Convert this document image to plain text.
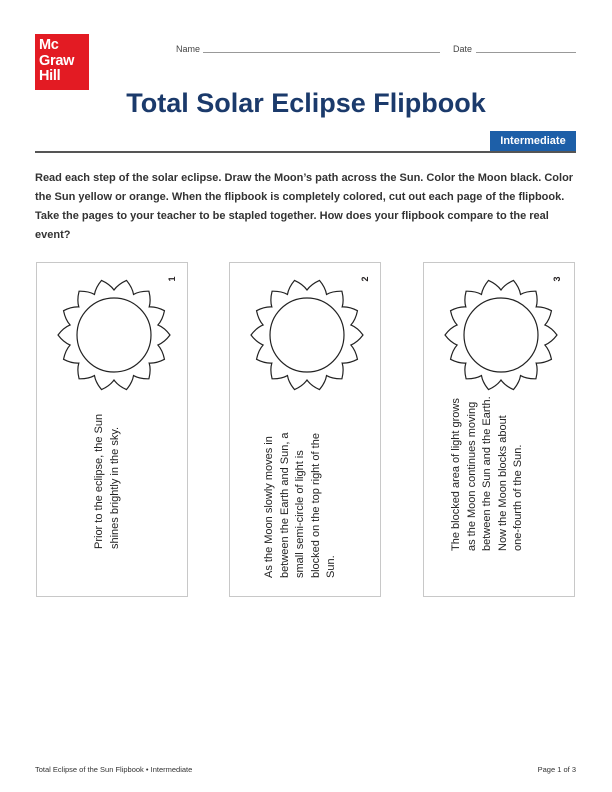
Mc
Graw
Hill
Name	Date
Total Solar Eclipse Flipbook
Intermediate
Read each step of the solar eclipse. Draw the Moon’s path across the Sun. Color the Moon black. Color the Sun yellow or orange. When the flipbook is completely colored, cut out each page of the flipbook. Take the pages to your teacher to be stapled together. How does your flipbook compare to the real event?
1
Prior to the eclipse, the Sun shines brightly in the sky.
2
As the Moon slowly moves in between the Earth and Sun, a small semi-circle of light is blocked on the top right of the Sun.
3
The blocked area of light grows as the Moon continues moving between the Sun and the Earth. Now the Moon blocks about one-fourth of the Sun.
Total Eclipse of the Sun Flipbook • Intermediate	Page 1 of 3
